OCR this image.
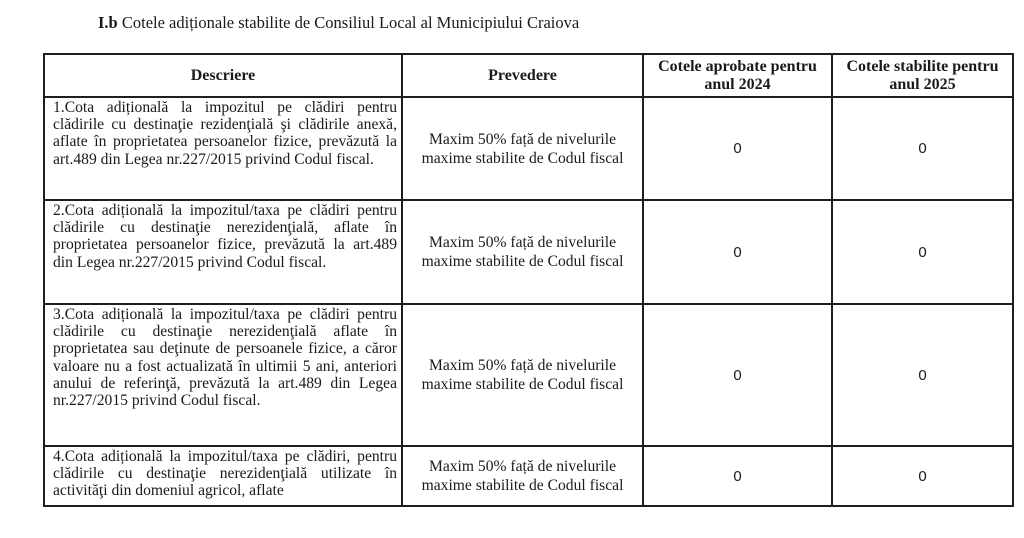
I.b Cotele adiționale stabilite de Consiliul Local al Municipiului Craiova
Descriere	Prevedere	Cotele aprobate pentru anul 2024	Cotele stabilite pentru anul 2025
1.Cota adițională la impozitul pe clădiri pentru clădirile cu destinaţie rezidenţială şi clădirile anexă, aflate în proprietatea persoanelor fizice, prevăzută la art.489 din Legea nr.227/2015 privind Codul fiscal.	Maxim 50% față de nivelurile maxime stabilite de Codul fiscal	0	0
2.Cota adițională la impozitul/taxa pe clădiri pentru clădirile cu destinaţie nerezidenţială, aflate în proprietatea persoanelor fizice, prevăzută la art.489 din Legea nr.227/2015 privind Codul fiscal.	Maxim 50% față de nivelurile maxime stabilite de Codul fiscal	0	0
3.Cota adițională la impozitul/taxa pe clădiri pentru clădirile cu destinaţie nerezidenţială aflate în proprietatea sau deţinute de persoanele fizice, a căror valoare nu a fost actualizată în ultimii 5 ani, anteriori anului de referinţă, prevăzută la art.489 din Legea nr.227/2015 privind Codul fiscal.	Maxim 50% față de nivelurile maxime stabilite de Codul fiscal	0	0
4.Cota adițională la impozitul/taxa pe clădiri, pentru clădirile cu destinaţie nerezidenţială utilizate în activităţi din domeniul agricol, aflate	Maxim 50% față de nivelurile maxime stabilite de Codul fiscal	0	0
